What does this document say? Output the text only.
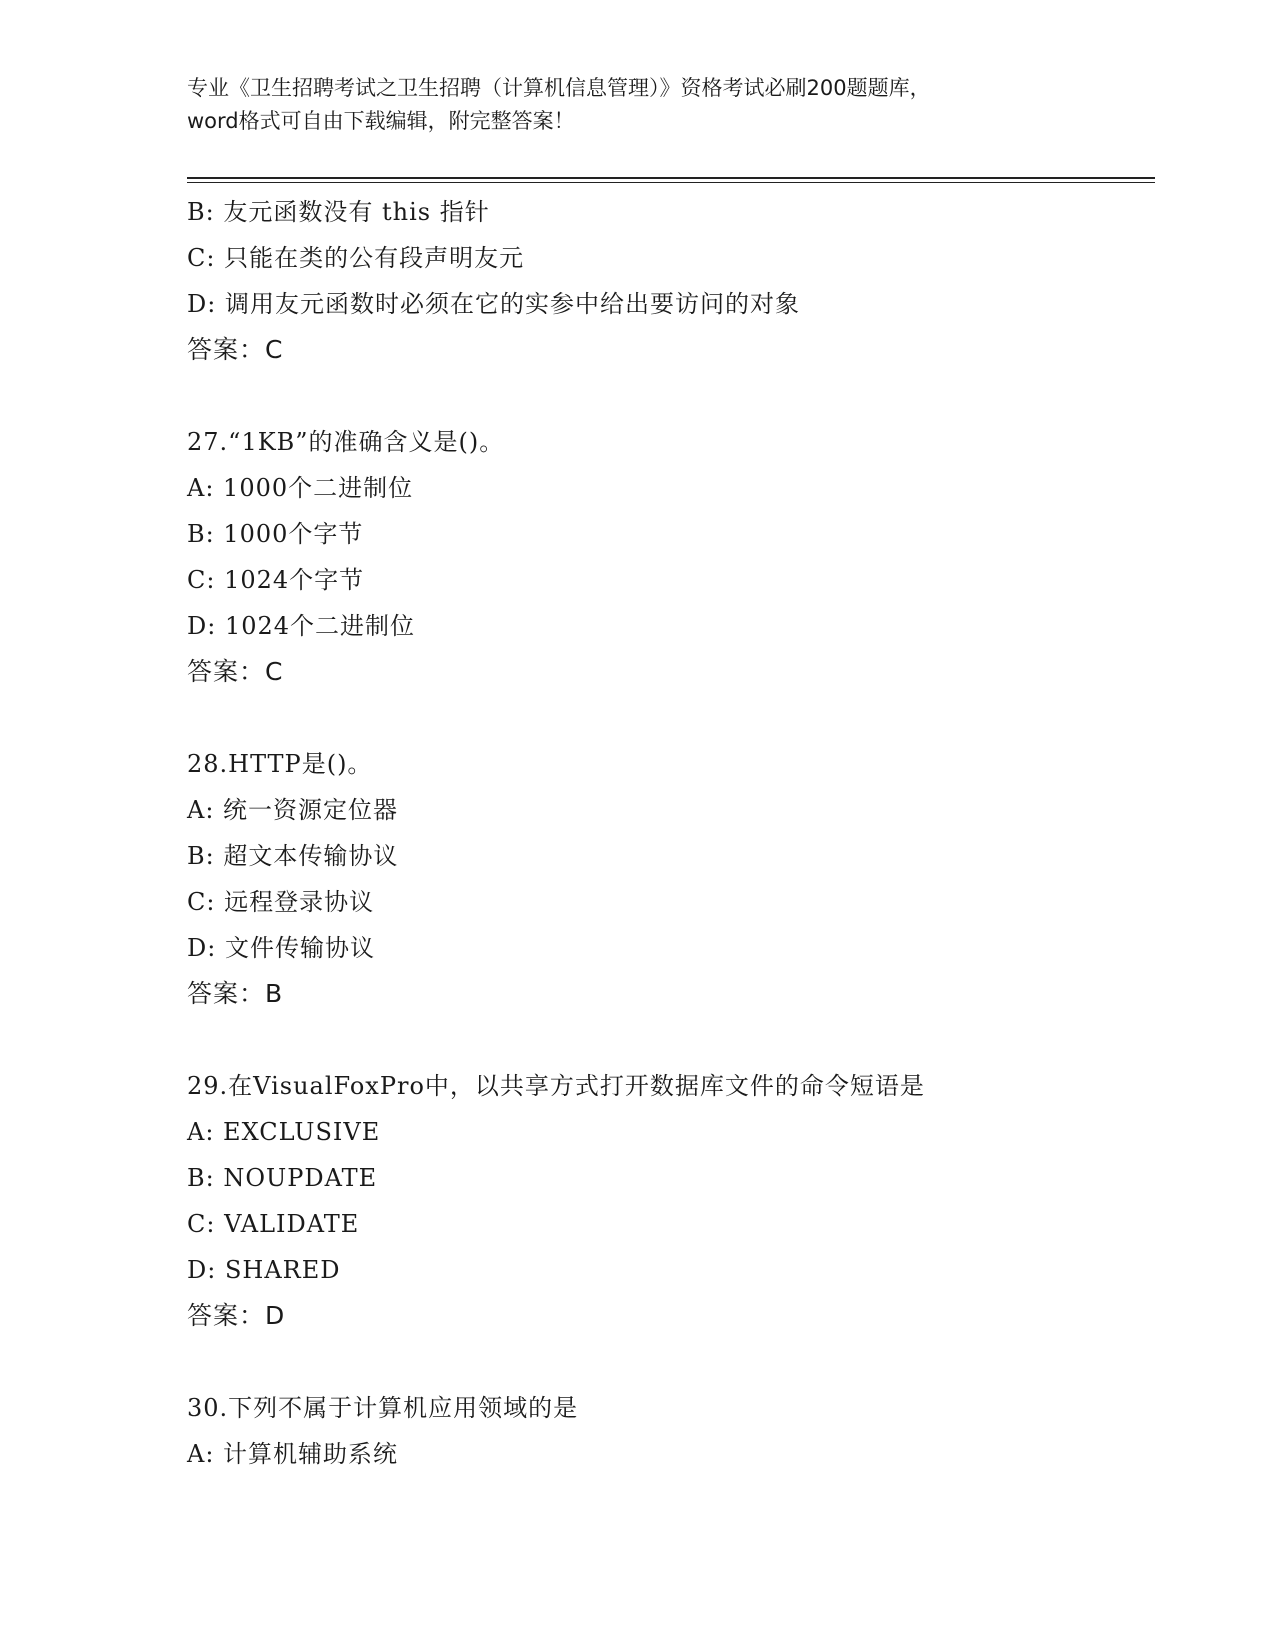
专业《卫生招聘考试之卫生招聘（计算机信息管理）》资格考试必刷200题题库，
word格式可自由下载编辑，附完整答案！
B: 友元函数没有 this 指针
C: 只能在类的公有段声明友元
D: 调用友元函数时必须在它的实参中给出要访问的对象
答案：C
27.“1KB”的准确含义是()。
A: 1000个二进制位
B: 1000个字节
C: 1024个字节
D: 1024个二进制位
答案：C
28.HTTP是()。
A: 统一资源定位器
B: 超文本传输协议
C: 远程登录协议
D: 文件传输协议
答案：B
29.在VisualFoxPro中，以共享方式打开数据库文件的命令短语是
A: EXCLUSIVE
B: NOUPDATE
C: VALIDATE
D: SHARED
答案：D
30.下列不属于计算机应用领域的是
A: 计算机辅助系统
